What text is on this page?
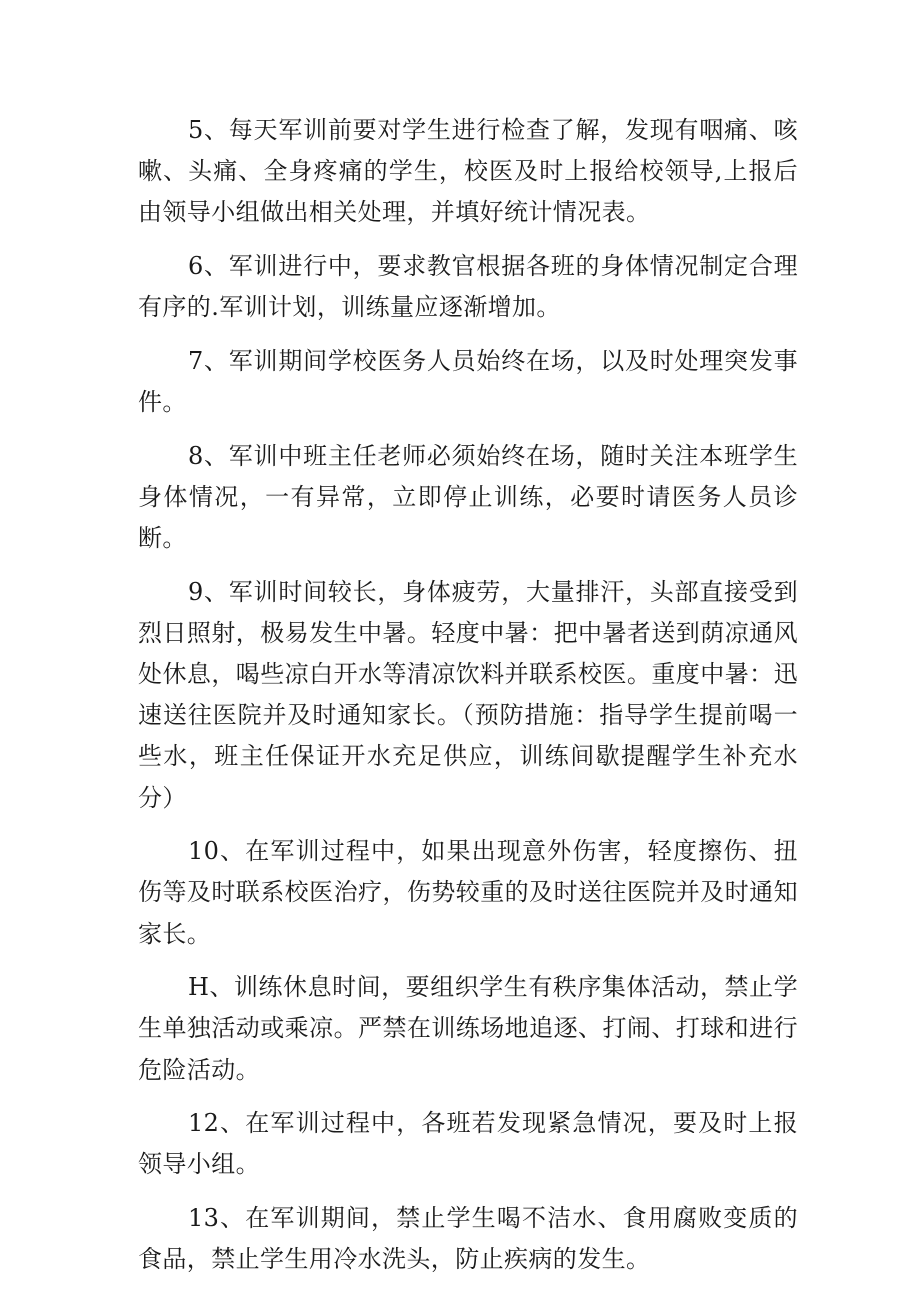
5、每天军训前要对学生进行检查了解，发现有咽痛、咳嗽、头痛、全身疼痛的学生，校医及时上报给校领导,上报后由领导小组做出相关处理，并填好统计情况表。

6、军训进行中，要求教官根据各班的身体情况制定合理有序的.军训计划，训练量应逐渐增加。

7、军训期间学校医务人员始终在场，以及时处理突发事件。

8、军训中班主任老师必须始终在场，随时关注本班学生身体情况，一有异常，立即停止训练，必要时请医务人员诊断。

9、军训时间较长，身体疲劳，大量排汗，头部直接受到烈日照射，极易发生中暑。轻度中暑：把中暑者送到荫凉通风处休息，喝些凉白开水等清凉饮料并联系校医。重度中暑：迅速送往医院并及时通知家长。（预防措施：指导学生提前喝一些水，班主任保证开水充足供应，训练间歇提醒学生补充水分）

10、在军训过程中，如果出现意外伤害，轻度擦伤、扭伤等及时联系校医治疗，伤势较重的及时送往医院并及时通知家长。

H、训练休息时间，要组织学生有秩序集体活动，禁止学生单独活动或乘凉。严禁在训练场地追逐、打闹、打球和进行危险活动。

12、在军训过程中，各班若发现紧急情况，要及时上报领导小组。

13、在军训期间，禁止学生喝不洁水、食用腐败变质的食品，禁止学生用冷水洗头，防止疾病的发生。
